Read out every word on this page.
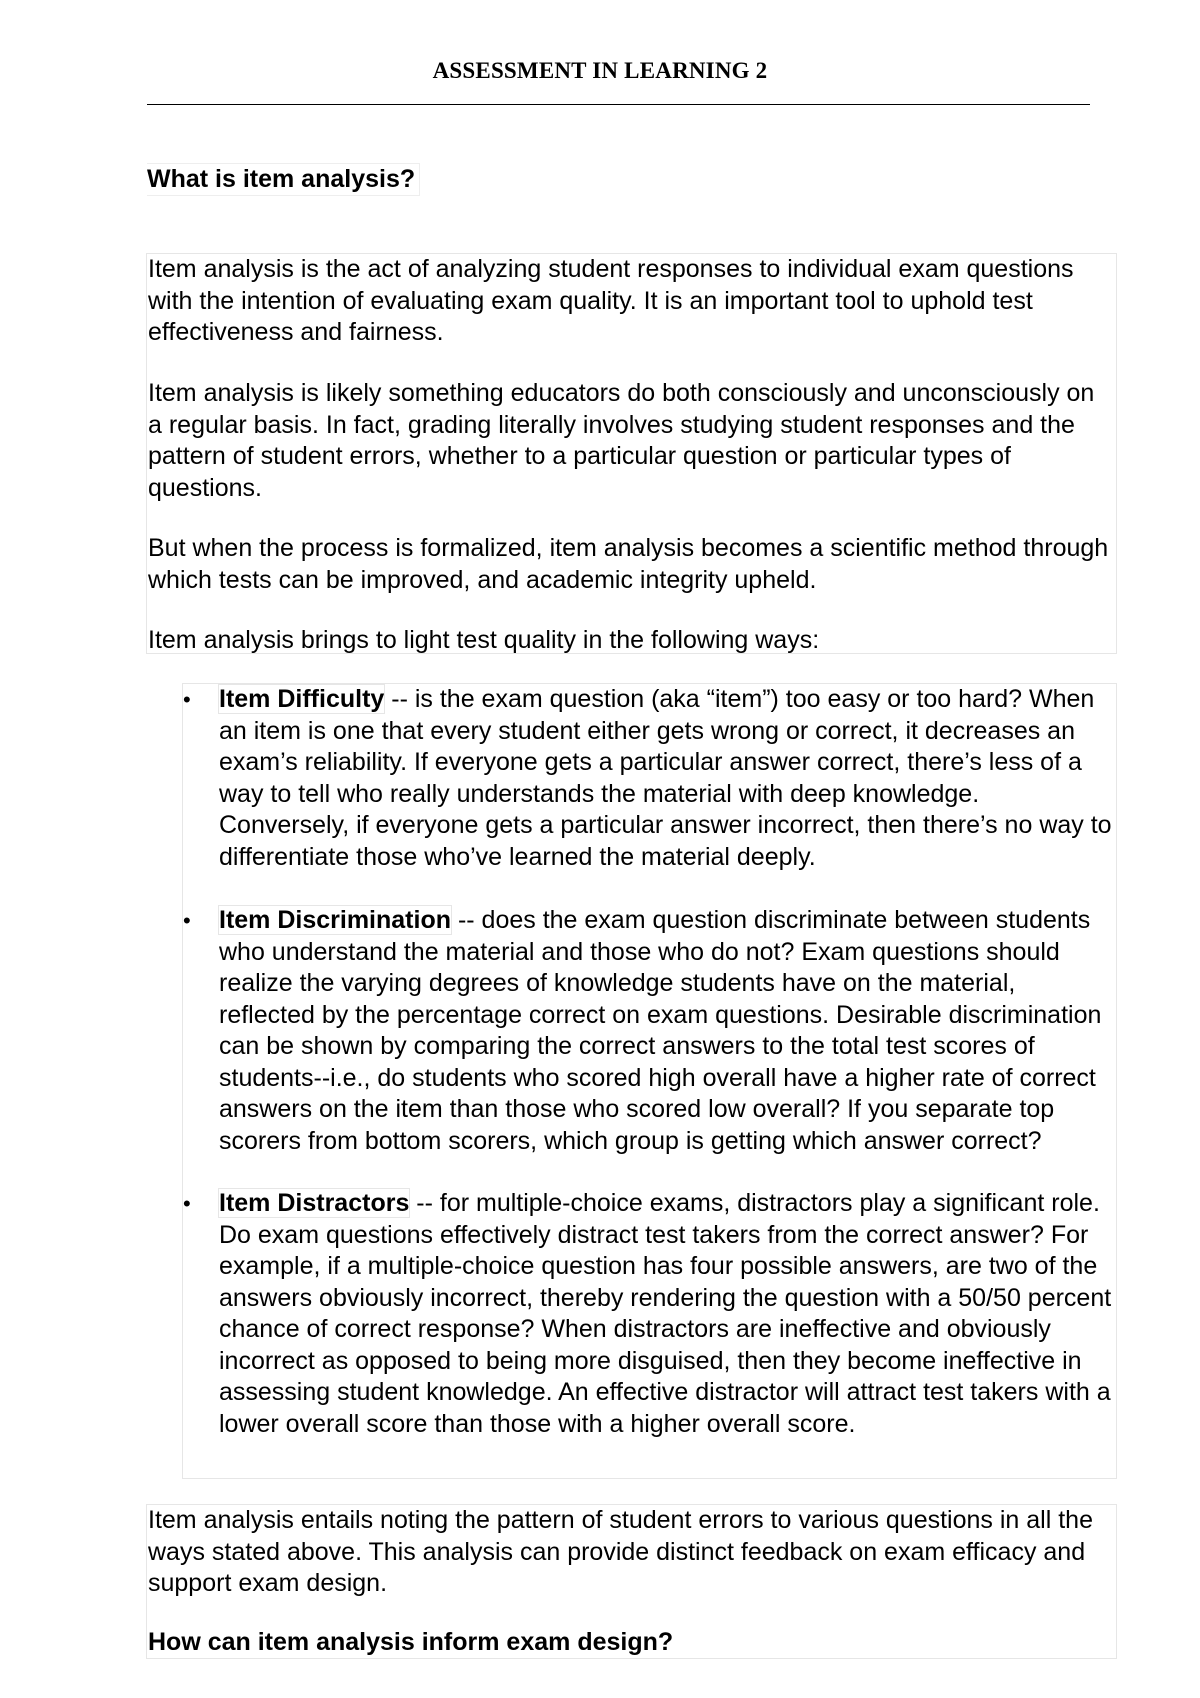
ASSESSMENT IN LEARNING 2
What is item analysis?

Item analysis is the act of analyzing student responses to individual exam questions with the intention of evaluating exam quality. It is an important tool to uphold test effectiveness and fairness.

Item analysis is likely something educators do both consciously and unconsciously on a regular basis. In fact, grading literally involves studying student responses and the pattern of student errors, whether to a particular question or particular types of questions.

But when the process is formalized, item analysis becomes a scientific method through which tests can be improved, and academic integrity upheld.

Item analysis brings to light test quality in the following ways:

• Item Difficulty -- is the exam question (aka “item”) too easy or too hard? When an item is one that every student either gets wrong or correct, it decreases an exam’s reliability. If everyone gets a particular answer correct, there’s less of a way to tell who really understands the material with deep knowledge. Conversely, if everyone gets a particular answer incorrect, then there’s no way to differentiate those who’ve learned the material deeply.
• Item Discrimination -- does the exam question discriminate between students who understand the material and those who do not? Exam questions should realize the varying degrees of knowledge students have on the material, reflected by the percentage correct on exam questions. Desirable discrimination can be shown by comparing the correct answers to the total test scores of students--i.e., do students who scored high overall have a higher rate of correct answers on the item than those who scored low overall? If you separate top scorers from bottom scorers, which group is getting which answer correct?
• Item Distractors -- for multiple-choice exams, distractors play a significant role. Do exam questions effectively distract test takers from the correct answer? For example, if a multiple-choice question has four possible answers, are two of the answers obviously incorrect, thereby rendering the question with a 50/50 percent chance of correct response? When distractors are ineffective and obviously incorrect as opposed to being more disguised, then they become ineffective in assessing student knowledge. An effective distractor will attract test takers with a lower overall score than those with a higher overall score.

Item analysis entails noting the pattern of student errors to various questions in all the ways stated above. This analysis can provide distinct feedback on exam efficacy and support exam design.

How can item analysis inform exam design?
